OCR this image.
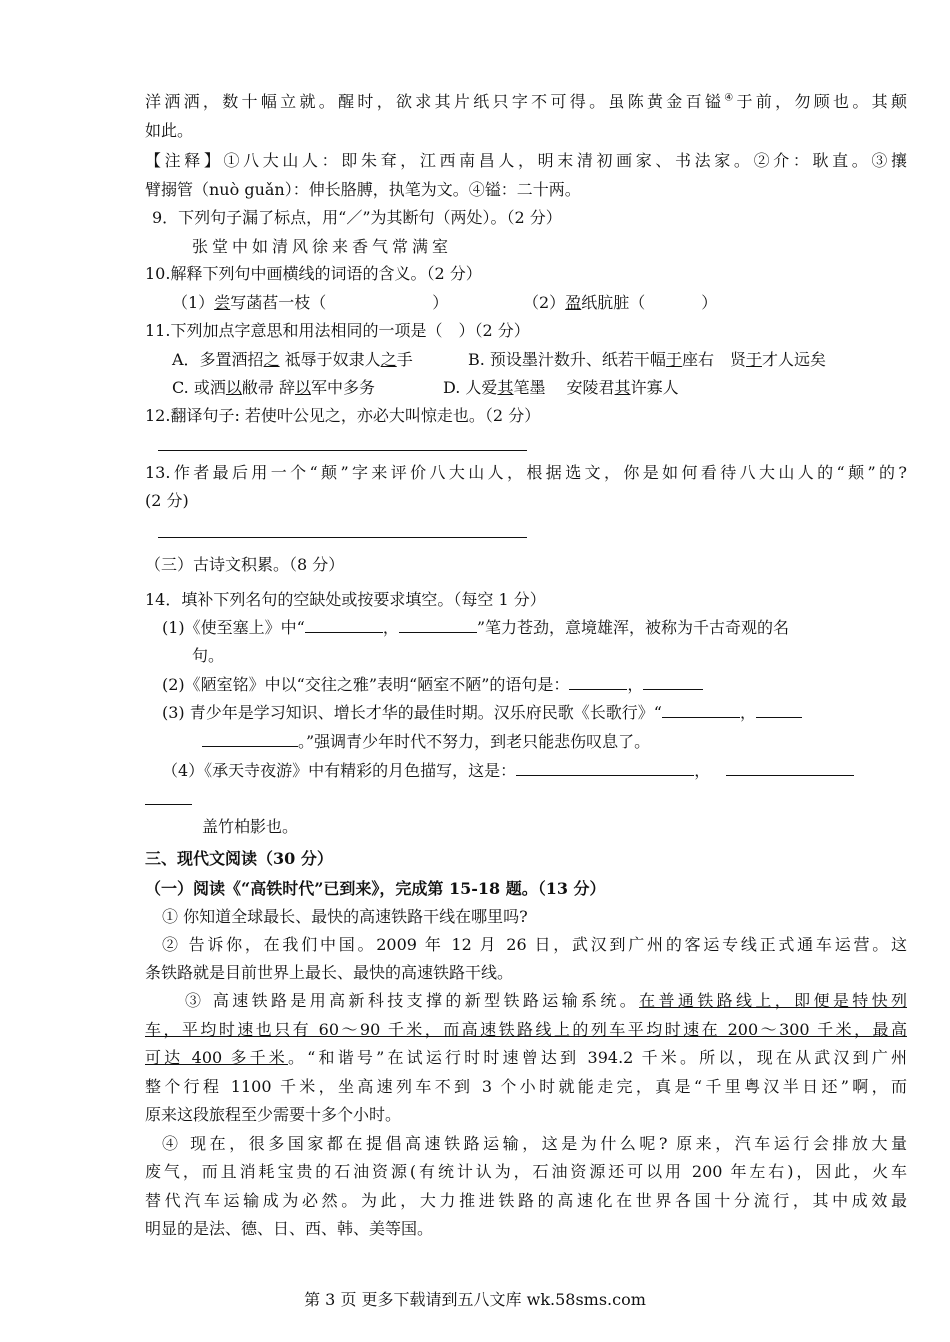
洋洒洒，数十幅立就。醒时，欲求其片纸只字不可得。虽陈黄金百镒④于前，勿顾也。其颠
如此。
【注释】①八大山人：即朱耷，江西南昌人，明末清初画家、书法家。②介：耿直。③攘
臂搦管（nuò guǎn）：伸长胳膊，执笔为文。④镒：二十两。
9．下列句子漏了标点，用“／”为其断句（两处）。（2 分）
张堂中如清风徐来香气常满室
10.解释下列句中画横线的词语的含义。（2 分）
（1）尝写菡萏一枝（	）	（2）盈纸肮脏（	）
11.下列加点字意思和用法相同的一项是（　）（2 分）
A．多置酒招之 祗辱于奴隶人之手	B. 预设墨汁数升、纸若干幅于座右　贤于才人远矣
C. 或洒以敝帚 辞以军中多务	D. 人爱其笔墨　 安陵君其许寡人
12.翻译句子: 若使叶公见之，亦必大叫惊走也。（2 分）
13.作者最后用一个“颠”字来评价八大山人，根据选文，你是如何看待八大山人的“颠”的?
(2 分)
（三）古诗文积累。（8 分）
14．填补下列名句的空缺处或按要求填空。（每空 1 分）
(1)《使至塞上》中“	，	”笔力苍劲，意境雄浑，被称为千古奇观的名
句。
(2)《陋室铭》中以“交往之雅”表明“陋室不陋”的语句是：	，
(3) 青少年是学习知识、增长才华的最佳时期。汉乐府民歌《长歌行》“	，
。”强调青少年时代不努力，到老只能悲伤叹息了。
（4）《承天寺夜游》中有精彩的月色描写，这是：	，
盖竹柏影也。
三、现代文阅读（30 分）
（一）阅读《“高铁时代”已到来》，完成第 15-18 题。（13 分）
① 你知道全球最长、最快的高速铁路干线在哪里吗?
② 告诉你，在我们中国。2009 年 12 月 26 日，武汉到广州的客运专线正式通车运营。这
条铁路就是目前世界上最长、最快的高速铁路干线。
③ 高速铁路是用高新科技支撑的新型铁路运输系统。在普通铁路线上，即便是特快列
车，平均时速也只有 60～90 千米，而高速铁路线上的列车平均时速在 200～300 千米，最高
可达 400 多千米。“和谐号”在试运行时时速曾达到 394.2 千米。所以，现在从武汉到广州
整个行程 1100 千米，坐高速列车不到 3 个小时就能走完，真是“千里粤汉半日还”啊，而
原来这段旅程至少需要十多个小时。
④ 现在，很多国家都在提倡高速铁路运输，这是为什么呢? 原来，汽车运行会排放大量
废气，而且消耗宝贵的石油资源(有统计认为，石油资源还可以用 200 年左右)，因此，火车
替代汽车运输成为必然。为此，大力推进铁路的高速化在世界各国十分流行，其中成效最
明显的是法、德、日、西、韩、美等国。
第 3 页 更多下载请到五八文库 wk.58sms.com
